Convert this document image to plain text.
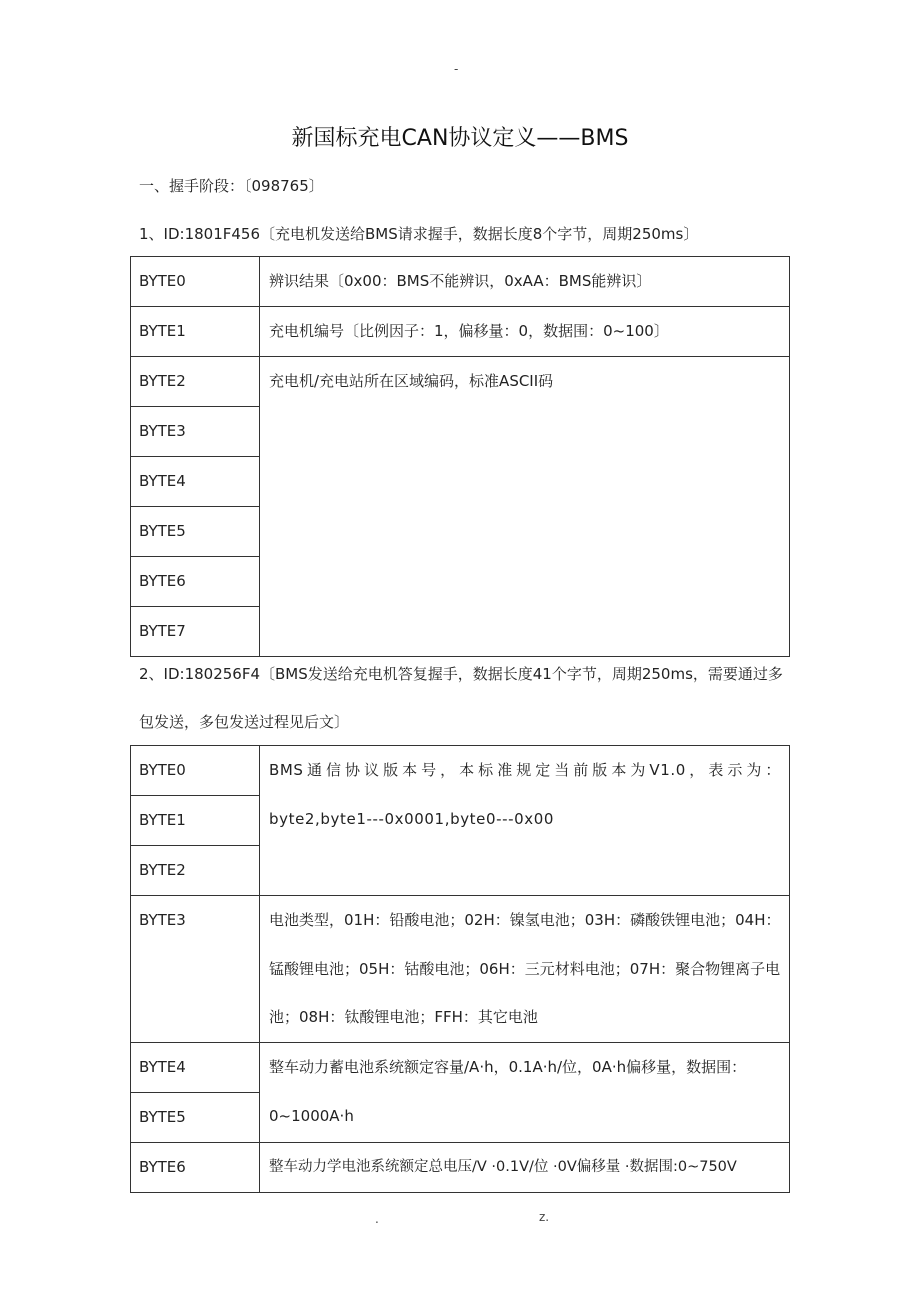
-
新国标充电CAN协议定义——BMS
一、握手阶段：〔098765〕
1、ID:1801F456〔充电机发送给BMS请求握手，数据长度8个字节，周期250ms〕
BYTE0	辨识结果〔0x00：BMS不能辨识，0xAA：BMS能辨识〕
BYTE1	充电机编号〔比例因子：1，偏移量：0，数据围：0~100〕
BYTE2	充电机/充电站所在区域编码，标准ASCII码
BYTE3	
BYTE4	
BYTE5	
BYTE6	
BYTE7	
2、ID:180256F4〔BMS发送给充电机答复握手，数据长度41个字节，周期250ms，需要通过多包发送，多包发送过程见后文〕
BYTE0	BMS通信协议版本号，本标准规定当前版本为V1.0，表示为：byte2,byte1---0x0001,byte0---0x00
BYTE1	
BYTE2	
BYTE3	电池类型，01H：铅酸电池；02H：镍氢电池；03H：磷酸铁锂电池；04H：锰酸锂电池；05H：钴酸电池；06H：三元材料电池；07H：聚合物锂离子电池；08H：钛酸锂电池；FFH：其它电池
BYTE4	整车动力蓄电池系统额定容量/A·h，0.1A·h/位，0A·h偏移量，数据围：0~1000A·h
BYTE5	
BYTE6	整车动力学电池系统额定总电压/V ·0.1V/位 ·0V偏移量 ·数据围:0~750V
.	z.
